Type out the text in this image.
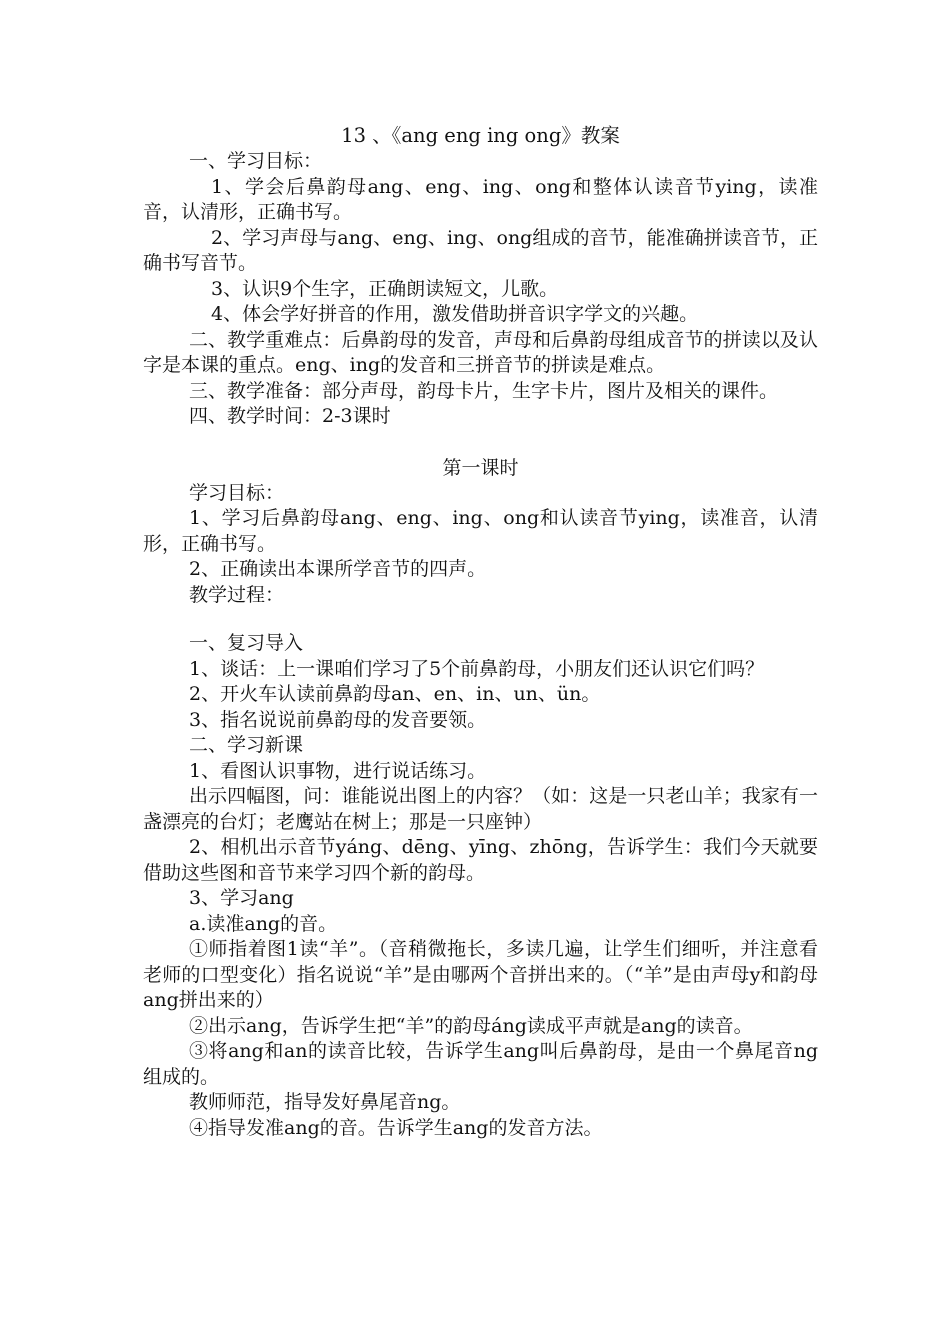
13 、《ang eng ing ong》教案

一、学习目标：

1、学会后鼻韵母ang、eng、ing、ong和整体认读音节ying，读准音，认清形，正确书写。

2、学习声母与ang、eng、ing、ong组成的音节，能准确拼读音节，正确书写音节。

3、认识9个生字，正确朗读短文，儿歌。

4、体会学好拼音的作用，激发借助拼音识字学文的兴趣。

二、教学重难点：后鼻韵母的发音，声母和后鼻韵母组成音节的拼读以及认字是本课的重点。eng、ing的发音和三拼音节的拼读是难点。

三、教学准备：部分声母，韵母卡片，生字卡片，图片及相关的课件。

四、教学时间：2-3课时

第一课时

学习目标：

1、学习后鼻韵母ang、eng、ing、ong和认读音节ying，读准音，认清形，正确书写。

2、正确读出本课所学音节的四声。

教学过程：

一、复习导入

1、谈话：上一课咱们学习了5个前鼻韵母，小朋友们还认识它们吗？

2、开火车认读前鼻韵母an、en、in、un、ün。

3、指名说说前鼻韵母的发音要领。

二、学习新课

1、看图认识事物，进行说话练习。

出示四幅图，问：谁能说出图上的内容？（如：这是一只老山羊；我家有一盏漂亮的台灯；老鹰站在树上；那是一只座钟）

2、相机出示音节yáng、dēng、yīng、zhōng，告诉学生：我们今天就要借助这些图和音节来学习四个新的韵母。

3、学习ang

a.读准ang的音。

①师指着图1读“羊”。（音稍微拖长，多读几遍，让学生们细听，并注意看老师的口型变化）指名说说“羊”是由哪两个音拼出来的。（“羊”是由声母y和韵母ang拼出来的）

②出示ang，告诉学生把“羊”的韵母áng读成平声就是ang的读音。

③将ang和an的读音比较，告诉学生ang叫后鼻韵母，是由一个鼻尾音ng组成的。

教师师范，指导发好鼻尾音ng。

④指导发准ang的音。告诉学生ang的发音方法。
